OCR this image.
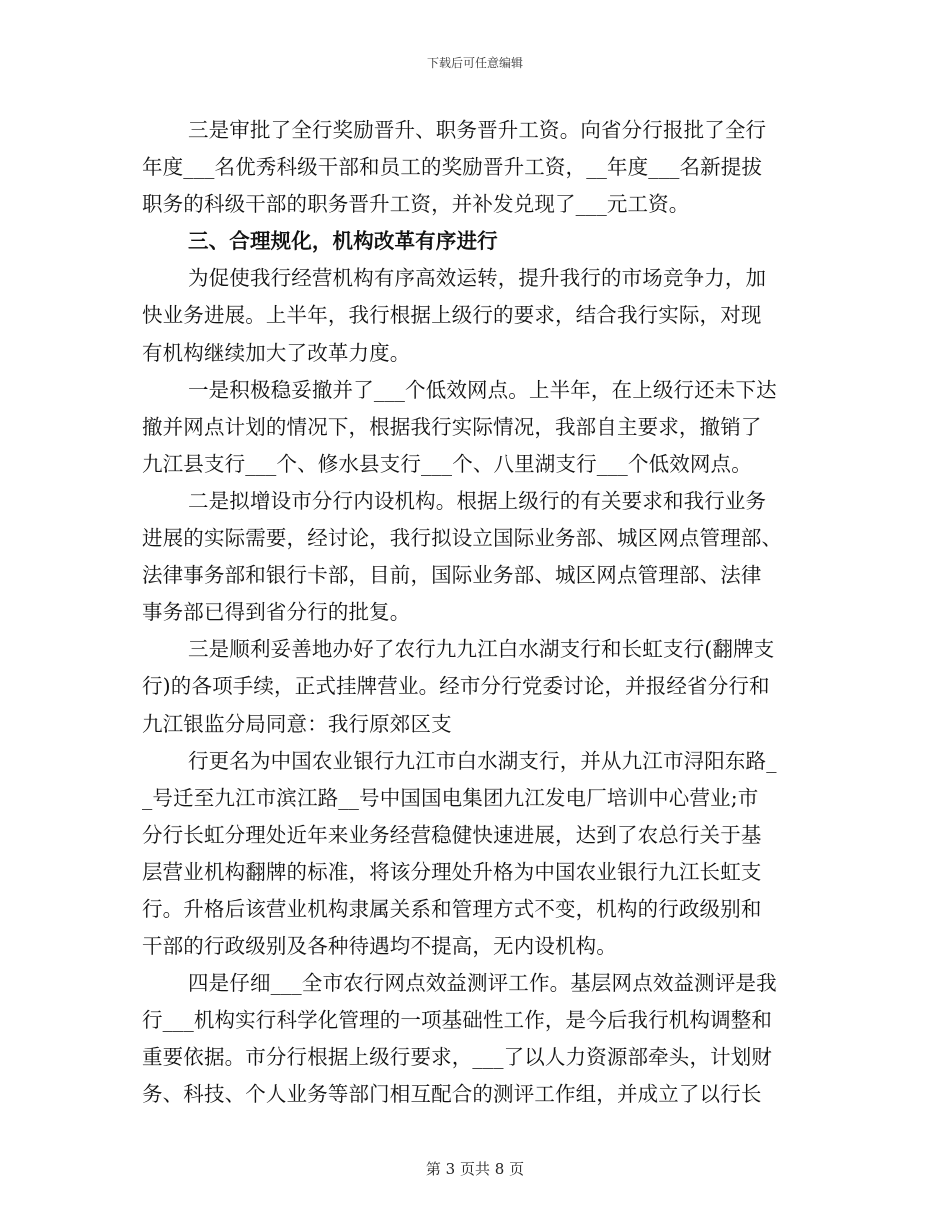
下载后可任意编辑
三是审批了全行奖励晋升、职务晋升工资。向省分行报批了全行
年度___名优秀科级干部和员工的奖励晋升工资，__年度___名新提拔
职务的科级干部的职务晋升工资，并补发兑现了___元工资。
三、合理规化，机构改革有序进行
为促使我行经营机构有序高效运转，提升我行的市场竞争力，加
快业务进展。上半年，我行根据上级行的要求，结合我行实际，对现
有机构继续加大了改革力度。
一是积极稳妥撤并了___个低效网点。上半年，在上级行还未下达
撤并网点计划的情况下，根据我行实际情况，我部自主要求，撤销了
九江县支行___个、修水县支行___个、八里湖支行___个低效网点。
二是拟增设市分行内设机构。根据上级行的有关要求和我行业务
进展的实际需要，经讨论，我行拟设立国际业务部、城区网点管理部、
法律事务部和银行卡部，目前，国际业务部、城区网点管理部、法律
事务部已得到省分行的批复。
三是顺利妥善地办好了农行九九江白水湖支行和长虹支行(翻牌支
行)的各项手续，正式挂牌营业。经市分行党委讨论，并报经省分行和
九江银监分局同意：我行原郊区支
行更名为中国农业银行九江市白水湖支行，并从九江市浔阳东路_
_号迁至九江市滨江路__号中国国电集团九江发电厂培训中心营业;市
分行长虹分理处近年来业务经营稳健快速进展，达到了农总行关于基
层营业机构翻牌的标准，将该分理处升格为中国农业银行九江长虹支
行。升格后该营业机构隶属关系和管理方式不变，机构的行政级别和
干部的行政级别及各种待遇均不提高，无内设机构。
四是仔细___全市农行网点效益测评工作。基层网点效益测评是我
行___机构实行科学化管理的一项基础性工作，是今后我行机构调整和
重要依据。市分行根据上级行要求，___了以人力资源部牵头，计划财
务、科技、个人业务等部门相互配合的测评工作组，并成立了以行长
第 3 页共 8 页
